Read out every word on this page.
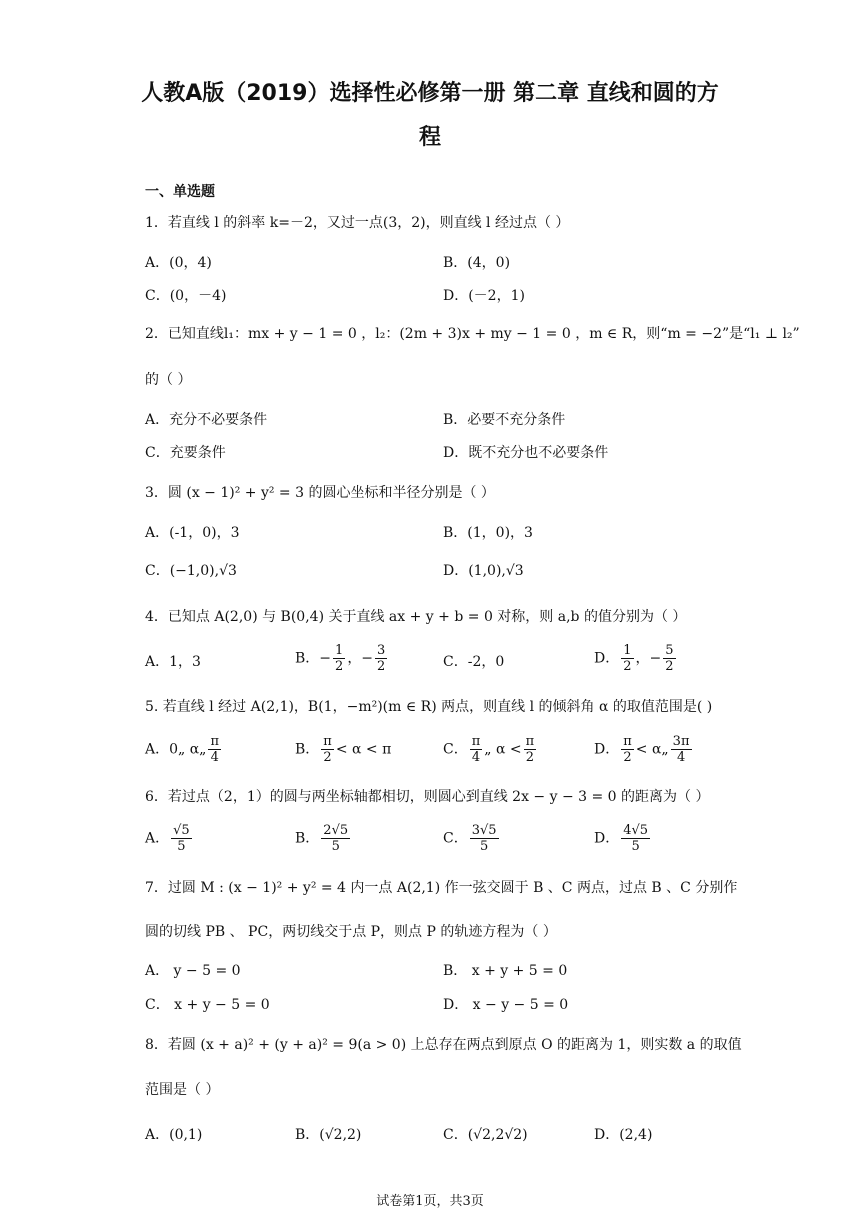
人教A版（2019）选择性必修第一册 第二章 直线和圆的方
程
一、单选题
1．若直线 l 的斜率 k=－2，又过一点(3，2)，则直线 l 经过点（ ）
A．(0，4)	B．(4，0)
C．(0，－4)	D．(－2，1)
2．已知直线l₁：mx + y − 1 = 0 ，l₂：(2m + 3)x + my − 1 = 0 ，m ∈ R，则“m = −2”是“l₁ ⊥ l₂”
的（ ）
A．充分不必要条件	B．必要不充分条件
C．充要条件	D．既不充分也不必要条件
3．圆 (x − 1)² + y² = 3 的圆心坐标和半径分别是（ ）
A．(-1，0)，3	B．(1，0)，3
C．(−1,0),√3	D．(1,0),√3
4．已知点 A(2,0) 与 B(0,4) 关于直线 ax + y + b = 0 对称，则 a,b 的值分别为（ ）
A．1，3	B．− $\frac{1}{2}$ ，− $\frac{3}{2}$	C．-2，0	D． $\frac{1}{2}$ ，− $\frac{5}{2}$
5. 若直线 l 经过 A(2,1)，B(1，−m²)(m ∈ R) 两点，则直线 l 的倾斜角 α 的取值范围是( )
A．0„ α„ $\frac{\pi}{4}$	B． $\frac{\pi}{2} < \alpha < \pi$	C． $\frac{\pi}{4}$ „ $\alpha < \frac{\pi}{2}$	D． $\frac{\pi}{2}$ < α„ $\frac{3\pi}{4}$
6．若过点（2，1）的圆与两坐标轴都相切，则圆心到直线 2x − y − 3 = 0 的距离为（ ）
A． $\frac{√5}{5}$	B． $\frac{2√5}{5}$	C． $\frac{3√5}{5}$	D． $\frac{4√5}{5}$
7．过圆 M : (x − 1)² + y² = 4 内一点 A(2,1) 作一弦交圆于 B 、C 两点，过点 B 、C 分别作
圆的切线 PB 、 PC，两切线交于点 P，则点 P 的轨迹方程为（ ）
A． y − 5 = 0	B． x + y + 5 = 0
C． x + y − 5 = 0	D． x − y − 5 = 0
8．若圆 (x + a)² + (y + a)² = 9(a > 0) 上总存在两点到原点 O 的距离为 1，则实数 a 的取值
范围是（ ）
A．(0,1)	B．(√2,2)	C．(√2,2√2)	D．(2,4)
试卷第1页，共3页
